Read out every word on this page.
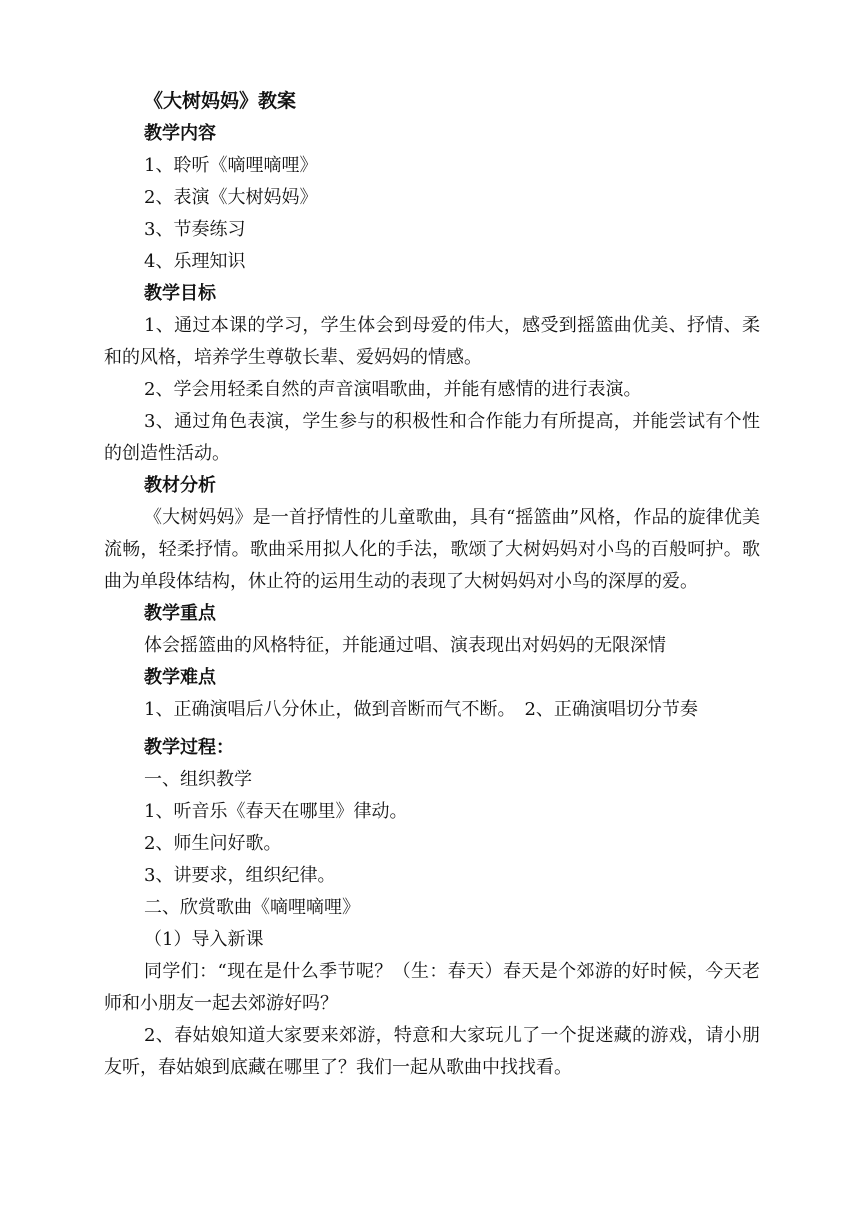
《大树妈妈》教案

教学内容

1、聆听《嘀哩嘀哩》

2、表演《大树妈妈》

3、节奏练习

4、乐理知识

教学目标

1、通过本课的学习，学生体会到母爱的伟大，感受到摇篮曲优美、抒情、柔和的风格，培养学生尊敬长辈、爱妈妈的情感。

2、学会用轻柔自然的声音演唱歌曲，并能有感情的进行表演。

3、通过角色表演，学生参与的积极性和合作能力有所提高，并能尝试有个性的创造性活动。

教材分析

《大树妈妈》是一首抒情性的儿童歌曲，具有“摇篮曲”风格，作品的旋律优美流畅，轻柔抒情。歌曲采用拟人化的手法，歌颂了大树妈妈对小鸟的百般呵护。歌曲为单段体结构，休止符的运用生动的表现了大树妈妈对小鸟的深厚的爱。

教学重点

体会摇篮曲的风格特征，并能通过唱、演表现出对妈妈的无限深情

教学难点

1、正确演唱后八分休止，做到音断而气不断。　2、正确演唱切分节奏

教学过程：

一、组织教学

1、听音乐《春天在哪里》律动。

2、师生问好歌。

3、讲要求，组织纪律。

二、欣赏歌曲《嘀哩嘀哩》

（1）导入新课

同学们：“现在是什么季节呢？（生：春天）春天是个郊游的好时候，今天老师和小朋友一起去郊游好吗？

2、春姑娘知道大家要来郊游，特意和大家玩儿了一个捉迷藏的游戏，请小朋友听，春姑娘到底藏在哪里了？我们一起从歌曲中找找看。
